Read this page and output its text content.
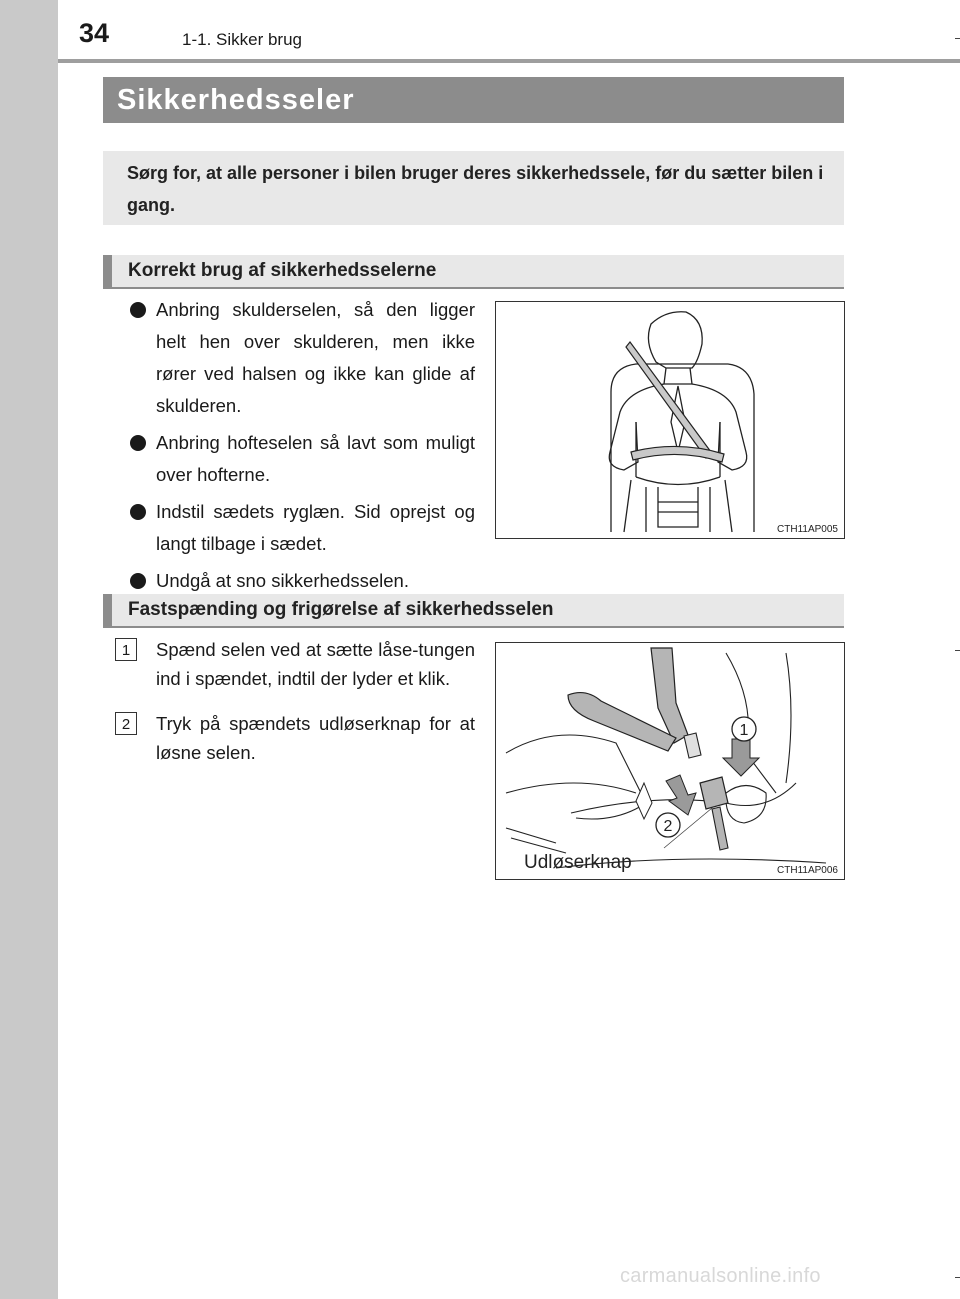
34	1-1. Sikker brug
Sikkerhedsseler
Sørg for, at alle personer i bilen bruger deres sikkerhedssele, før du sætter bilen i gang.
Korrekt brug af sikkerhedsselerne
Anbring skulderselen, så den ligger helt hen over skulderen, men ikke rører ved halsen og ikke kan glide af skulderen.
Anbring hofteselen så lavt som muligt over hofterne.
Indstil sædets ryglæn. Sid oprejst og langt tilbage i sædet.
Undgå at sno sikkerhedsselen.
CTH11AP005
Fastspænding og frigørelse af sikkerhedsselen
1	Spænd selen ved at sætte låse-tungen ind i spændet, indtil der lyder et klik.
2	Tryk på spændets udløserknap for at løsne selen.
1
2
Udløserknap	CTH11AP006
carmanualsonline.info
